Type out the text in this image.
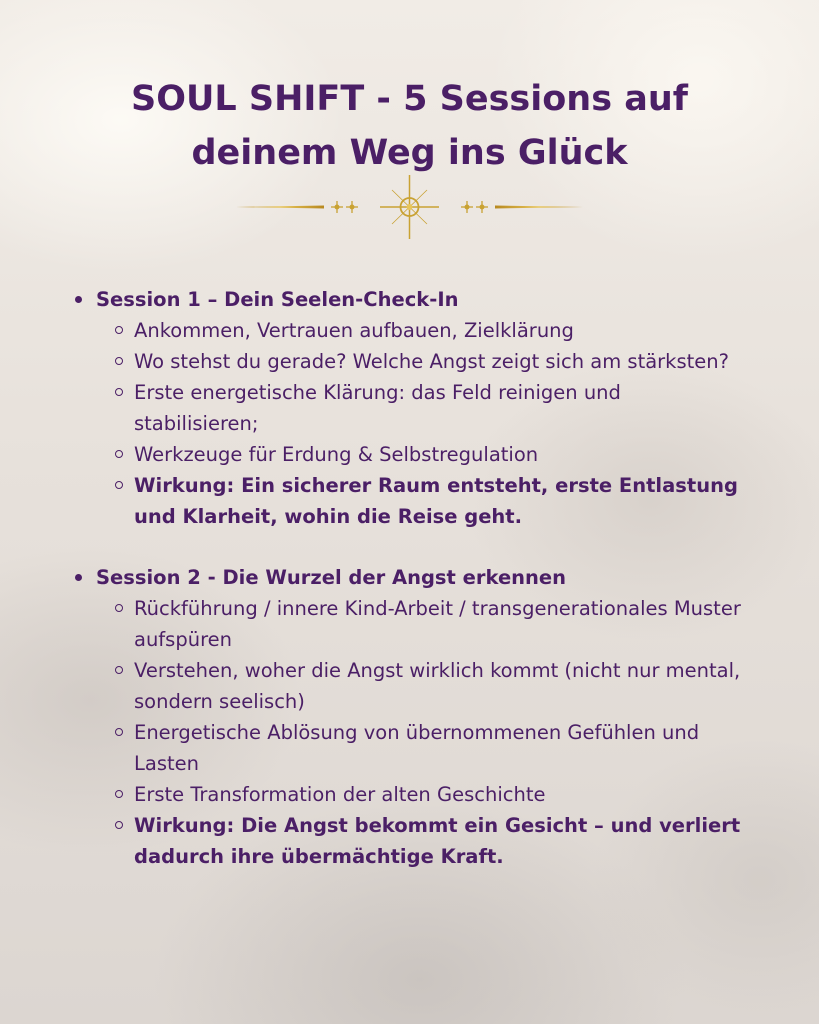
SOUL SHIFT - 5 Sessions auf
deinem Weg ins Glück
Session 1 – Dein Seelen-Check-In
Ankommen, Vertrauen aufbauen, Zielklärung
Wo stehst du gerade? Welche Angst zeigt sich am stärksten?
Erste energetische Klärung: das Feld reinigen und stabilisieren;
Werkzeuge für Erdung & Selbstregulation
Wirkung: Ein sicherer Raum entsteht, erste Entlastung und Klarheit, wohin die Reise geht.
Session 2 - Die Wurzel der Angst erkennen
Rückführung / innere Kind-Arbeit / transgenerationales Muster aufspüren
Verstehen, woher die Angst wirklich kommt (nicht nur mental, sondern seelisch)
Energetische Ablösung von übernommenen Gefühlen und Lasten
Erste Transformation der alten Geschichte
Wirkung: Die Angst bekommt ein Gesicht – und verliert dadurch ihre übermächtige Kraft.
